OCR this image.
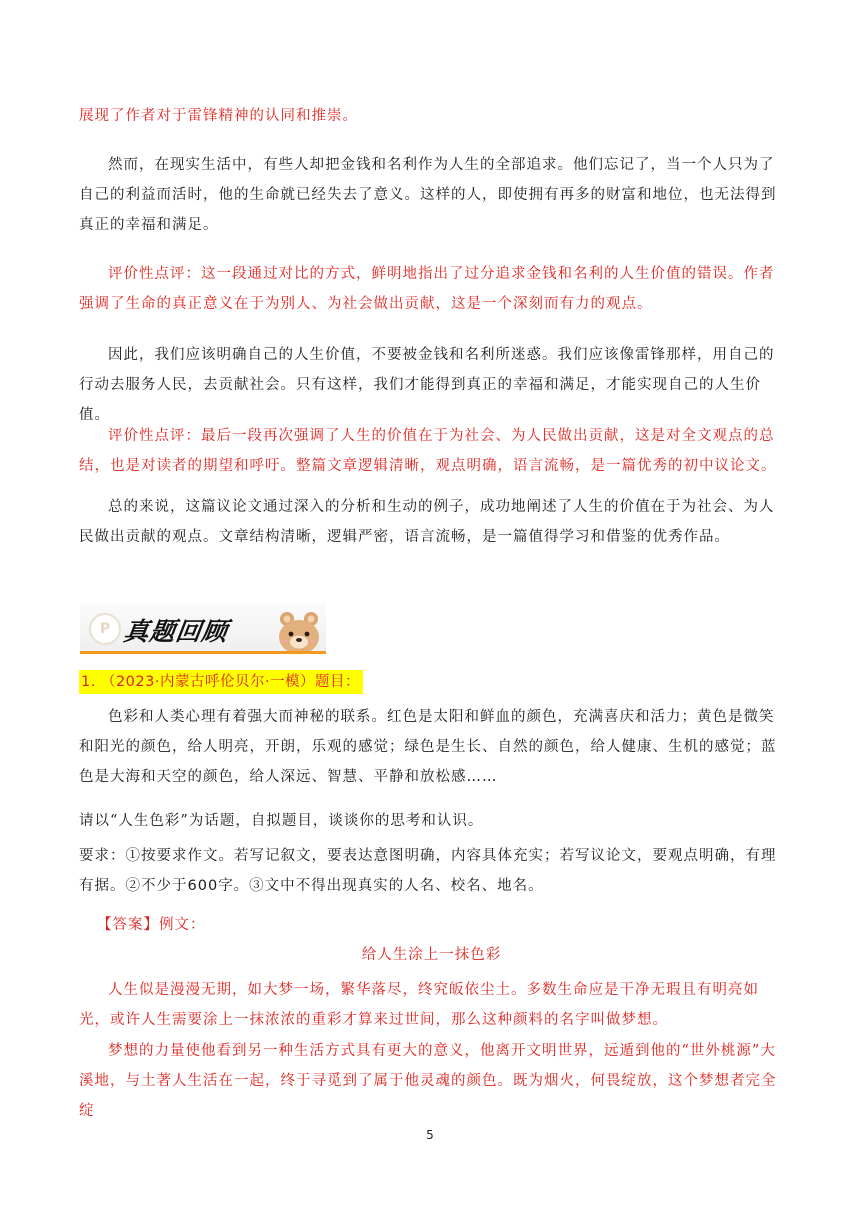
展现了作者对于雷锋精神的认同和推崇。

然而，在现实生活中，有些人却把金钱和名利作为人生的全部追求。他们忘记了，当一个人只为了自己的利益而活时，他的生命就已经失去了意义。这样的人，即使拥有再多的财富和地位，也无法得到真正的幸福和满足。

评价性点评：这一段通过对比的方式，鲜明地指出了过分追求金钱和名利的人生价值的错误。作者强调了生命的真正意义在于为别人、为社会做出贡献，这是一个深刻而有力的观点。

因此，我们应该明确自己的人生价值，不要被金钱和名利所迷惑。我们应该像雷锋那样，用自己的行动去服务人民，去贡献社会。只有这样，我们才能得到真正的幸福和满足，才能实现自己的人生价值。

评价性点评：最后一段再次强调了人生的价值在于为社会、为人民做出贡献，这是对全文观点的总结，也是对读者的期望和呼吁。整篇文章逻辑清晰，观点明确，语言流畅，是一篇优秀的初中议论文。

总的来说，这篇议论文通过深入的分析和生动的例子，成功地阐述了人生的价值在于为社会、为人民做出贡献的观点。文章结构清晰，逻辑严密，语言流畅，是一篇值得学习和借鉴的优秀作品。

P 真题回顾
1. （2023·内蒙古呼伦贝尔·一模）题目：

色彩和人类心理有着强大而神秘的联系。红色是太阳和鲜血的颜色，充满喜庆和活力；黄色是微笑和阳光的颜色，给人明亮，开朗，乐观的感觉；绿色是生长、自然的颜色，给人健康、生机的感觉；蓝色是大海和天空的颜色，给人深远、智慧、平静和放松感……

请以“人生色彩”为话题，自拟题目，谈谈你的思考和认识。

要求：①按要求作文。若写记叙文，要表达意图明确，内容具体充实；若写议论文，要观点明确，有理有据。②不少于600字。③文中不得出现真实的人名、校名、地名。

【答案】例文：
给人生涂上一抹色彩

人生似是漫漫无期，如大梦一场，繁华落尽，终究皈依尘土。多数生命应是干净无瑕且有明亮如光，或许人生需要涂上一抹浓浓的重彩才算来过世间，那么这种颜料的名字叫做梦想。

梦想的力量使他看到另一种生活方式具有更大的意义，他离开文明世界，远遁到他的“世外桃源”大溪地，与土著人生活在一起，终于寻觅到了属于他灵魂的颜色。既为烟火，何畏绽放，这个梦想者完全绽

5
